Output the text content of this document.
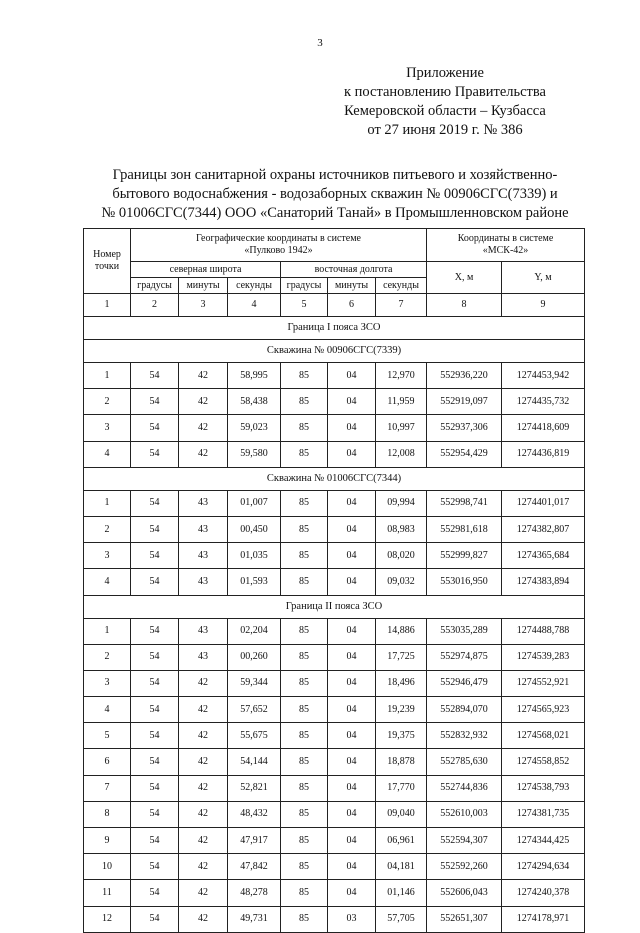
3
Приложение
к постановлению Правительства
Кемеровской области – Кузбасса
от 27 июня 2019 г. № 386
Границы зон санитарной охраны источников питьевого и хозяйственно-
бытового водоснабжения - водозаборных скважин № 00906СГС(7339) и
№ 01006СГС(7344) ООО «Санаторий Танай» в Промышленновском районе
Номер
точки	Географические координаты в системе
«Пулково 1942»						Координаты в системе
«МСК-42»	

	северная широта			восточная долгота			X, м	Y, м
	градусы	минуты	секунды	градусы	минуты	секунды		
1	2	3	4	5	6	7	8	9
Граница I пояса ЗСО								
Скважина № 00906СГС(7339)								
1	54	42	58,995	85	04	12,970	552936,220	1274453,942
2	54	42	58,438	85	04	11,959	552919,097	1274435,732
3	54	42	59,023	85	04	10,997	552937,306	1274418,609
4	54	42	59,580	85	04	12,008	552954,429	1274436,819
Скважина № 01006СГС(7344)								
1	54	43	01,007	85	04	09,994	552998,741	1274401,017
2	54	43	00,450	85	04	08,983	552981,618	1274382,807
3	54	43	01,035	85	04	08,020	552999,827	1274365,684
4	54	43	01,593	85	04	09,032	553016,950	1274383,894
Граница II пояса ЗСО								
1	54	43	02,204	85	04	14,886	553035,289	1274488,788
2	54	43	00,260	85	04	17,725	552974,875	1274539,283
3	54	42	59,344	85	04	18,496	552946,479	1274552,921
4	54	42	57,652	85	04	19,239	552894,070	1274565,923
5	54	42	55,675	85	04	19,375	552832,932	1274568,021
6	54	42	54,144	85	04	18,878	552785,630	1274558,852
7	54	42	52,821	85	04	17,770	552744,836	1274538,793
8	54	42	48,432	85	04	09,040	552610,003	1274381,735
9	54	42	47,917	85	04	06,961	552594,307	1274344,425
10	54	42	47,842	85	04	04,181	552592,260	1274294,634
11	54	42	48,278	85	04	01,146	552606,043	1274240,378
12	54	42	49,731	85	03	57,705	552651,307	1274178,971
